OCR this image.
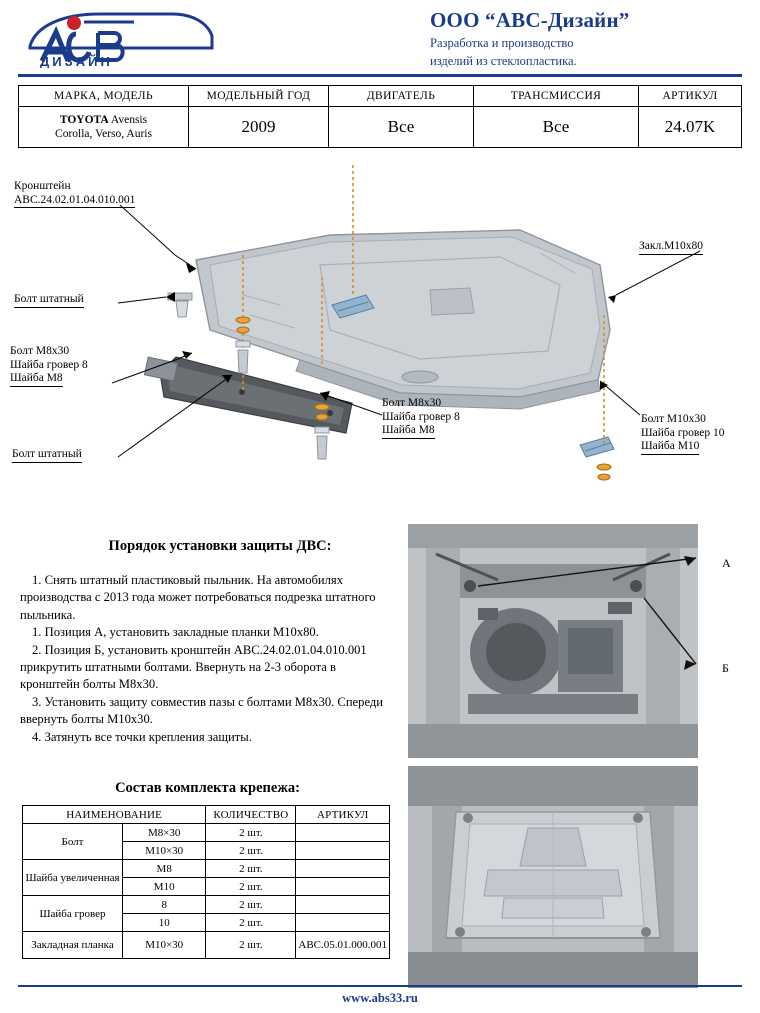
ДИЗАЙН
ООО “АВС-Дизайн”
Разработка и производство
изделий из стеклопластика.
МАРКА, МОДЕЛЬ	МОДЕЛЬНЫЙ ГОД	ДВИГАТЕЛЬ	ТРАНСМИССИЯ	АРТИКУЛ
TOYOTA Avensis
Corolla, Verso, Auris	2009	Все	Все	24.07K
Кронштейн
АВС.24.02.01.04.010.001
Болт штатный
Болт М8х30
Шайба гровер 8
Шайба М8
Болт штатный
Болт М8х30
Шайба гровер 8
Шайба М8
Болт М10х30
Шайба гровер 10
Шайба М10
Закл.М10х80
Порядок установки защиты ДВС:

1. Снять штатный пластиковый пыльник. На автомобилях производства с 2013 года может потребоваться подрезка штатного пыльника.

1. Позиция А, установить закладные планки М10х80.

2. Позиция Б, установить кронштейн АВС.24.02.01.04.010.001 прикрутить штатными болтами. Ввернуть на 2-3 оборота в кронштейн болты М8х30.

3. Установить защиту совместив пазы с болтами М8х30. Спереди ввернуть болты М10х30.

4. Затянуть все точки крепления защиты.

Состав комплекта крепежа:
НАИМЕНОВАНИЕ		КОЛИЧЕСТВО	АРТИКУЛ
Болт	М8×30	2 шт.	
	М10×30	2 шт.	
Шайба увеличенная	М8	2 шт.	
	М10	2 шт.	
Шайба гровер	8	2 шт.	
	10	2 шт.	
Закладная планка	М10×30	2 шт.	АВС.05.01.000.001
А
Б
www.abs33.ru
